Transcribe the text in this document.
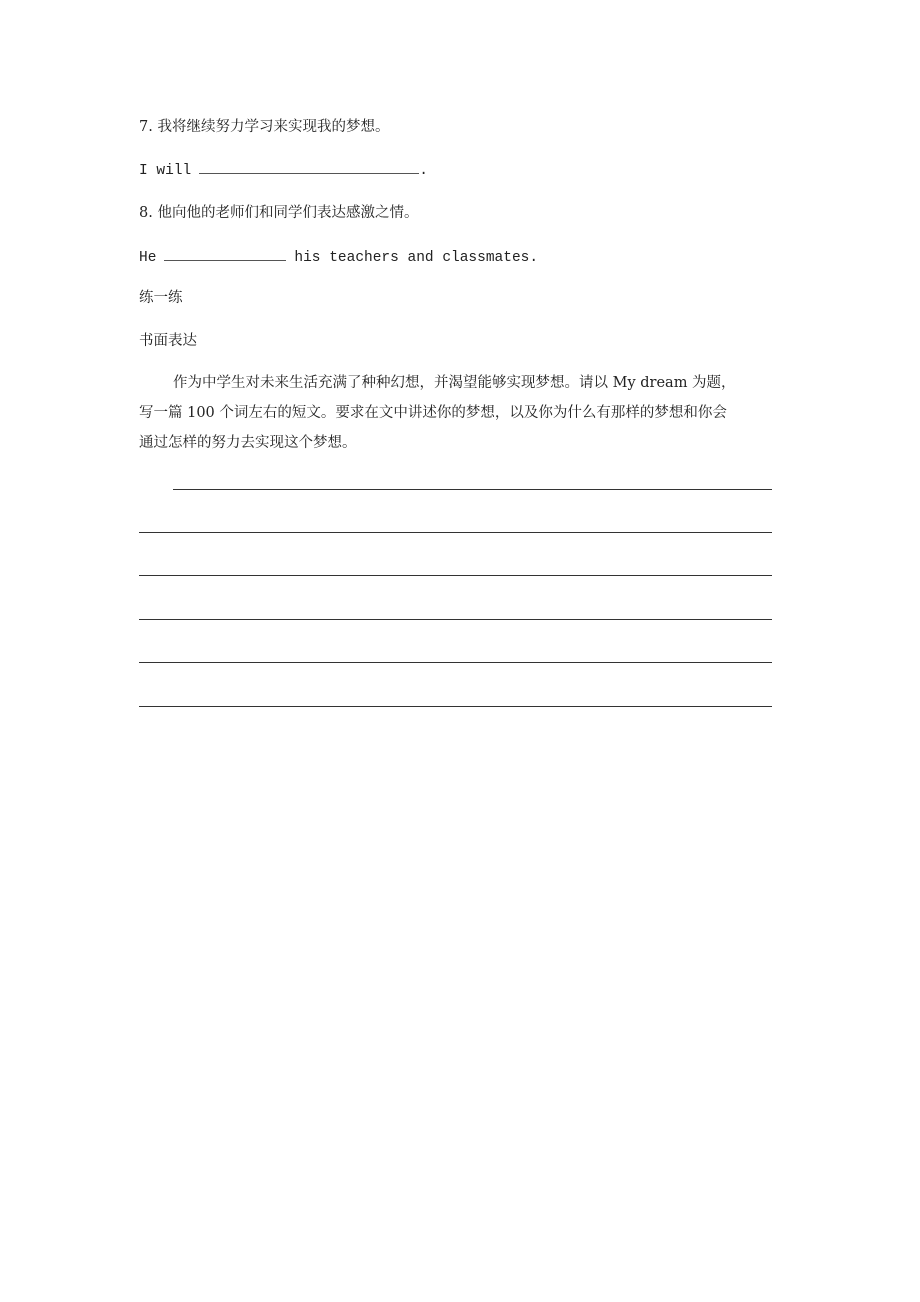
7. 我将继续努力学习来实现我的梦想。
I will	.
8. 他向他的老师们和同学们表达感激之情。
He	his teachers and classmates.
练一练
书面表达
作为中学生对未来生活充满了种种幻想，并渴望能够实现梦想。请以 My dream 为题，
写一篇 100 个词左右的短文。要求在文中讲述你的梦想，以及你为什么有那样的梦想和你会
通过怎样的努力去实现这个梦想。
